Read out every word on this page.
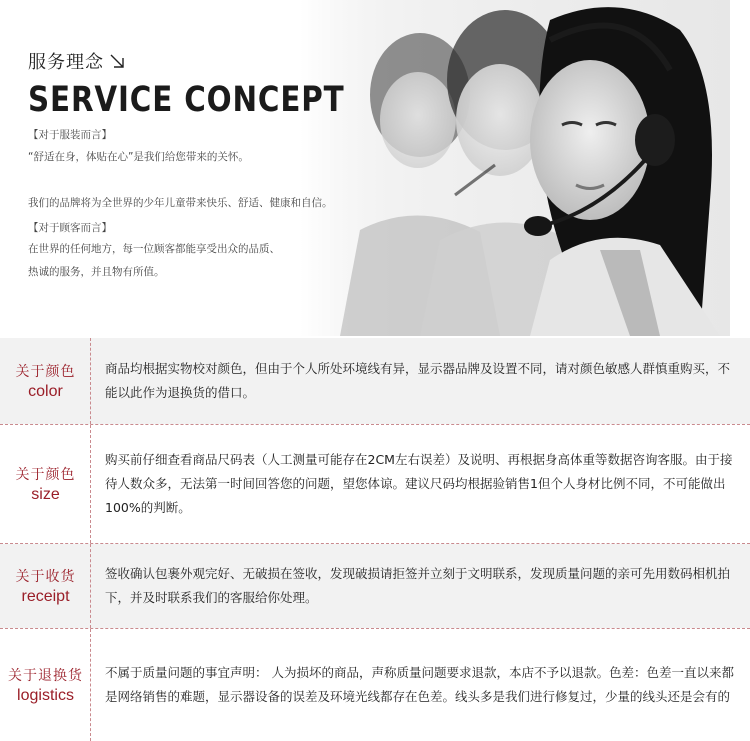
服务理念
SERVICE CONCEPT
【对于服装而言】
“舒适在身，体贴在心”是我们给您带来的关怀。
我们的品牌将为全世界的少年儿童带来快乐、舒适、健康和自信。
【对于顾客而言】
在世界的任何地方，每一位顾客都能享受出众的品质、
热诚的服务，并且物有所值。
关于颜色
color
商品均根据实物校对颜色，但由于个人所处环境线有异，显示器品牌及设置不同，请对颜色敏感人群慎重购买，不能以此作为退换货的借口。
关于颜色
size
购买前仔细查看商品尺码表（人工测量可能存在2CM左右误差）及说明、再根据身高体重等数据咨询客服。由于接待人数众多，无法第一时间回答您的问题，望您体谅。建议尺码均根据验销售1但个人身材比例不同，不可能做出100%的判断。
关于收货
receipt
签收确认包裹外观完好、无破损在签收，发现破损请拒签并立刻于文明联系，发现质量问题的亲可先用数码相机拍下，并及时联系我们的客服给你处理。
关于退换货
logistics
不属于质量问题的事宜声明： 人为损坏的商品，声称质量问题要求退款，本店不予以退款。色差：色差一直以来都是网络销售的难题，显示器设备的误差及环境光线都存在色差。线头多是我们进行修复过，少量的线头还是会有的
